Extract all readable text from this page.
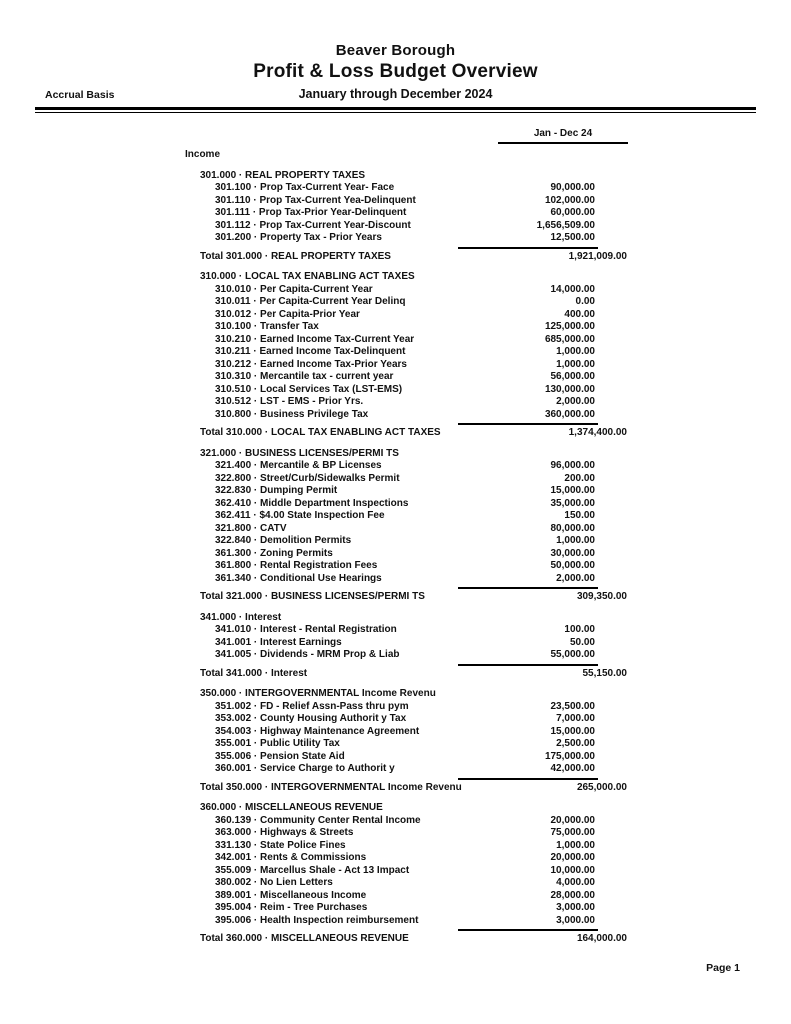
Beaver Borough
Profit & Loss Budget Overview
Accrual Basis	January through December 2024
Jan - Dec 24
Income
301.000 · REAL PROPERTY TAXES
301.100 · Prop Tax-Current Year- Face	90,000.00
301.110 · Prop Tax-Current Yea-Delinquent	102,000.00
301.111 · Prop Tax-Prior Year-Delinquent	60,000.00
301.112 · Prop Tax-Current Year-Discount	1,656,509.00
301.200 · Property Tax - Prior Years	12,500.00
Total 301.000 · REAL PROPERTY TAXES	1,921,009.00
310.000 · LOCAL TAX ENABLING ACT TAXES
310.010 · Per Capita-Current Year	14,000.00
310.011 · Per Capita-Current Year Delinq	0.00
310.012 · Per Capita-Prior Year	400.00
310.100 · Transfer Tax	125,000.00
310.210 · Earned Income Tax-Current Year	685,000.00
310.211 · Earned Income Tax-Delinquent	1,000.00
310.212 · Earned Income Tax-Prior Years	1,000.00
310.310 · Mercantile tax - current year	56,000.00
310.510 · Local Services Tax (LST-EMS)	130,000.00
310.512 · LST - EMS - Prior Yrs.	2,000.00
310.800 · Business Privilege Tax	360,000.00
Total 310.000 · LOCAL TAX ENABLING ACT TAXES	1,374,400.00
321.000 · BUSINESS LICENSES/PERMI TS
321.400 · Mercantile & BP Licenses	96,000.00
322.800 · Street/Curb/Sidewalks Permit	200.00
322.830 · Dumping Permit	15,000.00
362.410 · Middle Department Inspections	35,000.00
362.411 · $4.00 State Inspection Fee	150.00
321.800 · CATV	80,000.00
322.840 · Demolition Permits	1,000.00
361.300 · Zoning Permits	30,000.00
361.800 · Rental Registration Fees	50,000.00
361.340 · Conditional Use Hearings	2,000.00
Total 321.000 · BUSINESS LICENSES/PERMI TS	309,350.00
341.000 · Interest
341.010 · Interest - Rental Registration	100.00
341.001 · Interest Earnings	50.00
341.005 · Dividends - MRM Prop & Liab	55,000.00
Total 341.000 · Interest	55,150.00
350.000 · INTERGOVERNMENTAL Income Revenu
351.002 · FD - Relief Assn-Pass thru pym	23,500.00
353.002 · County Housing Authorit y Tax	7,000.00
354.003 · Highway Maintenance Agreement	15,000.00
355.001 · Public Utility Tax	2,500.00
355.006 · Pension State Aid	175,000.00
360.001 · Service Charge to Authorit y	42,000.00
Total 350.000 · INTERGOVERNMENTAL Income Revenu	265,000.00
360.000 · MISCELLANEOUS REVENUE
360.139 · Community Center Rental Income	20,000.00
363.000 · Highways & Streets	75,000.00
331.130 · State Police Fines	1,000.00
342.001 · Rents & Commissions	20,000.00
355.009 · Marcellus Shale - Act 13 Impact	10,000.00
380.002 · No Lien Letters	4,000.00
389.001 · Miscellaneous Income	28,000.00
395.004 · Reim - Tree Purchases	3,000.00
395.006 · Health Inspection reimbursement	3,000.00
Total 360.000 · MISCELLANEOUS REVENUE	164,000.00
Page 1
